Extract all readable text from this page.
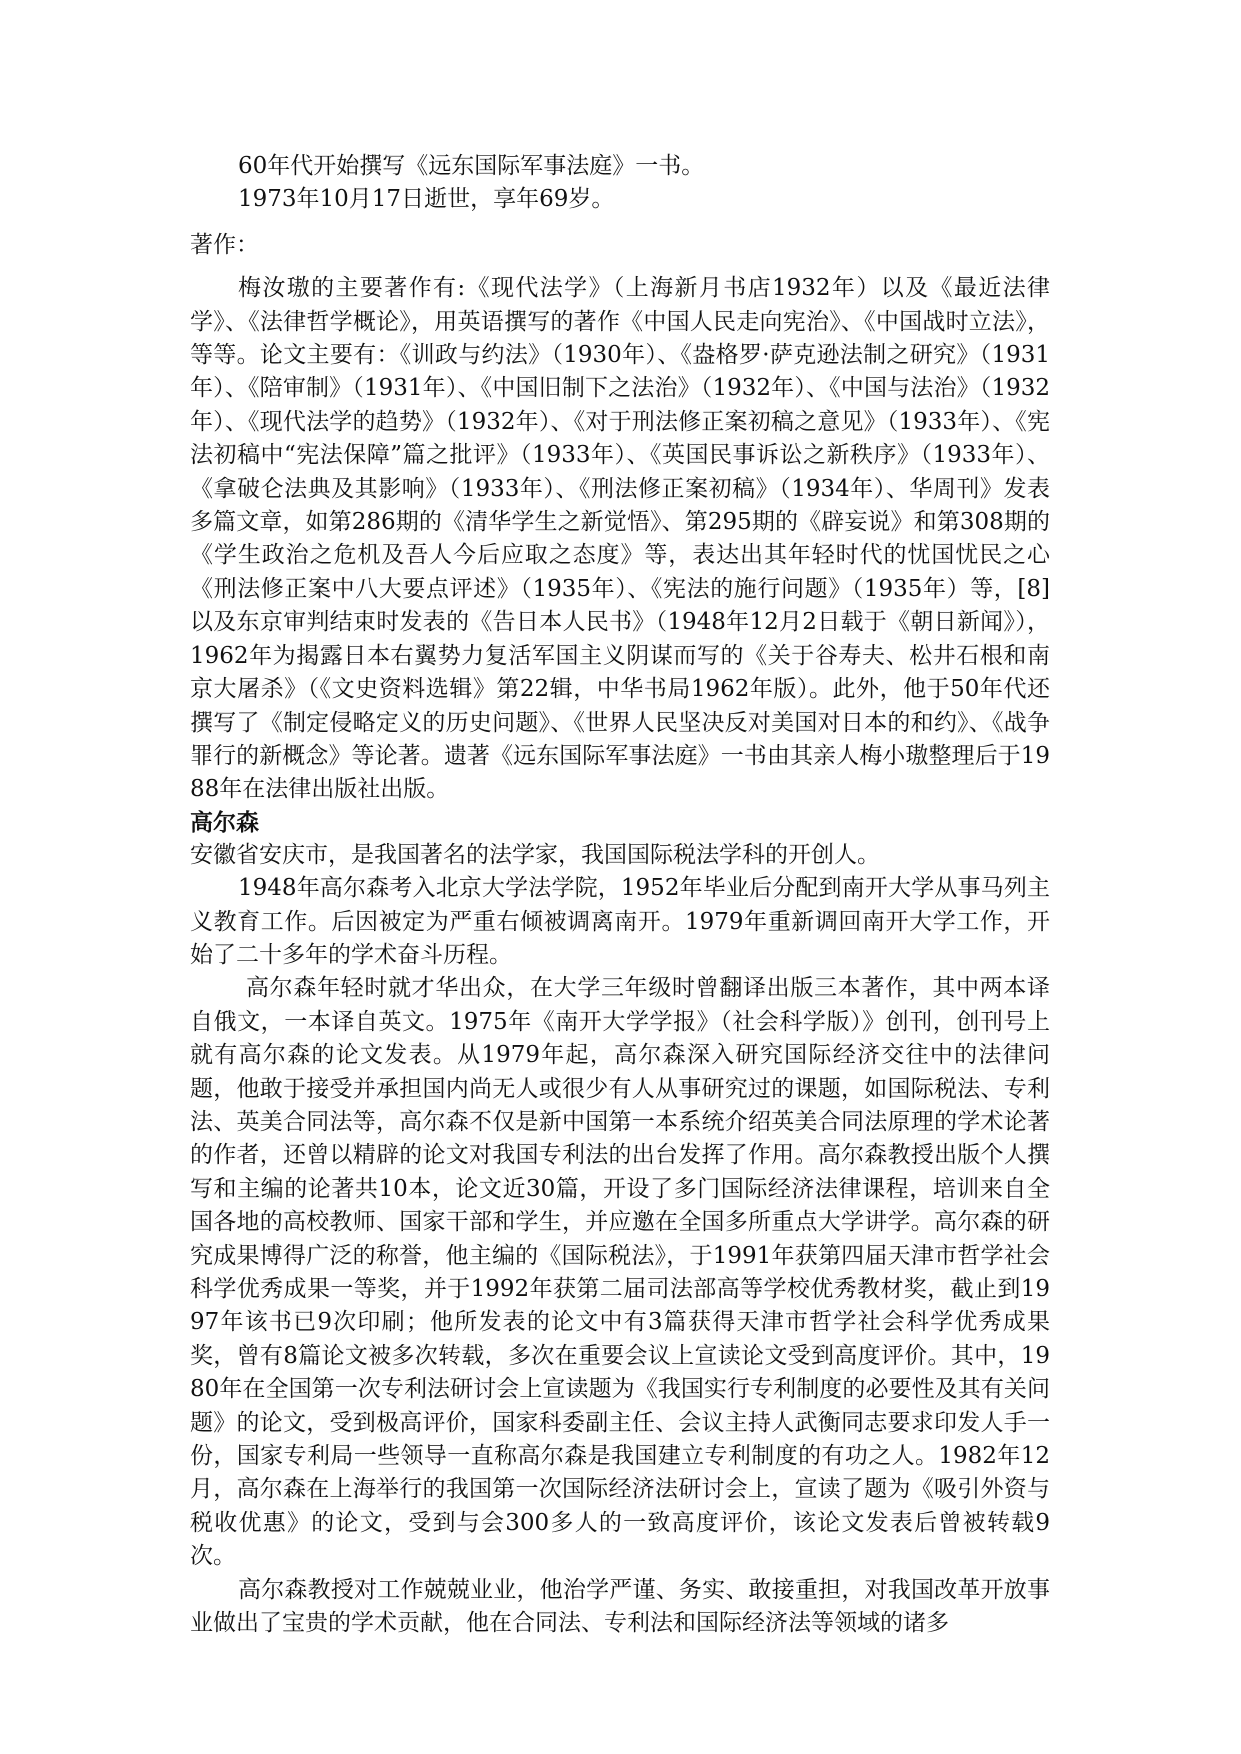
60年代开始撰写《远东国际军事法庭》一书。

1973年10月17日逝世，享年69岁。

著作：

梅汝璈的主要著作有:《现代法学》（上海新月书店1932年）以及《最近法律学》、《法律哲学概论》，用英语撰写的著作《中国人民走向宪治》、《中国战时立法》，等等。论文主要有：《训政与约法》（1930年）、《盎格罗·萨克逊法制之研究》（1931年）、《陪审制》（1931年）、《中国旧制下之法治》（1932年）、《中国与法治》（1932年）、《现代法学的趋势》（1932年）、《对于刑法修正案初稿之意见》（1933年）、《宪法初稿中“宪法保障”篇之批评》（1933年）、《英国民事诉讼之新秩序》（1933年）、《拿破仑法典及其影响》（1933年）、《刑法修正案初稿》（1934年）、华周刊》发表多篇文章，如第286期的《清华学生之新觉悟》、第295期的《辟妄说》和第308期的《学生政治之危机及吾人今后应取之态度》等，表达出其年轻时代的忧国忧民之心《刑法修正案中八大要点评述》（1935年）、《宪法的施行问题》（1935年）等，[8]以及东京审判结束时发表的《告日本人民书》（1948年12月2日载于《朝日新闻》），1962年为揭露日本右翼势力复活军国主义阴谋而写的《关于谷寿夫、松井石根和南京大屠杀》（《文史资料选辑》第22辑，中华书局1962年版）。此外，他于50年代还撰写了《制定侵略定义的历史问题》、《世界人民坚决反对美国对日本的和约》、《战争罪行的新概念》等论著。遗著《远东国际军事法庭》一书由其亲人梅小璈整理后于1988年在法律出版社出版。

高尔森

安徽省安庆市，是我国著名的法学家，我国国际税法学科的开创人。

1948年高尔森考入北京大学法学院，1952年毕业后分配到南开大学从事马列主义教育工作。后因被定为严重右倾被调离南开。1979年重新调回南开大学工作，开始了二十多年的学术奋斗历程。

高尔森年轻时就才华出众，在大学三年级时曾翻译出版三本著作，其中两本译自俄文，一本译自英文。1975年《南开大学学报》（社会科学版）》创刊，创刊号上就有高尔森的论文发表。从1979年起，高尔森深入研究国际经济交往中的法律问题，他敢于接受并承担国内尚无人或很少有人从事研究过的课题，如国际税法、专利法、英美合同法等，高尔森不仅是新中国第一本系统介绍英美合同法原理的学术论著的作者，还曾以精辟的论文对我国专利法的出台发挥了作用。高尔森教授出版个人撰写和主编的论著共10本，论文近30篇，开设了多门国际经济法律课程，培训来自全国各地的高校教师、国家干部和学生，并应邀在全国多所重点大学讲学。高尔森的研究成果博得广泛的称誉，他主编的《国际税法》，于1991年获第四届天津市哲学社会科学优秀成果一等奖，并于1992年获第二届司法部高等学校优秀教材奖，截止到1997年该书已9次印刷；他所发表的论文中有3篇获得天津市哲学社会科学优秀成果奖，曾有8篇论文被多次转载，多次在重要会议上宣读论文受到高度评价。其中，1980年在全国第一次专利法研讨会上宣读题为《我国实行专利制度的必要性及其有关问题》的论文，受到极高评价，国家科委副主任、会议主持人武衡同志要求印发人手一份，国家专利局一些领导一直称高尔森是我国建立专利制度的有功之人。1982年12月，高尔森在上海举行的我国第一次国际经济法研讨会上，宣读了题为《吸引外资与税收优惠》的论文，受到与会300多人的一致高度评价，该论文发表后曾被转载9次。

高尔森教授对工作兢兢业业，他治学严谨、务实、敢接重担，对我国改革开放事业做出了宝贵的学术贡献，他在合同法、专利法和国际经济法等领域的诸多
